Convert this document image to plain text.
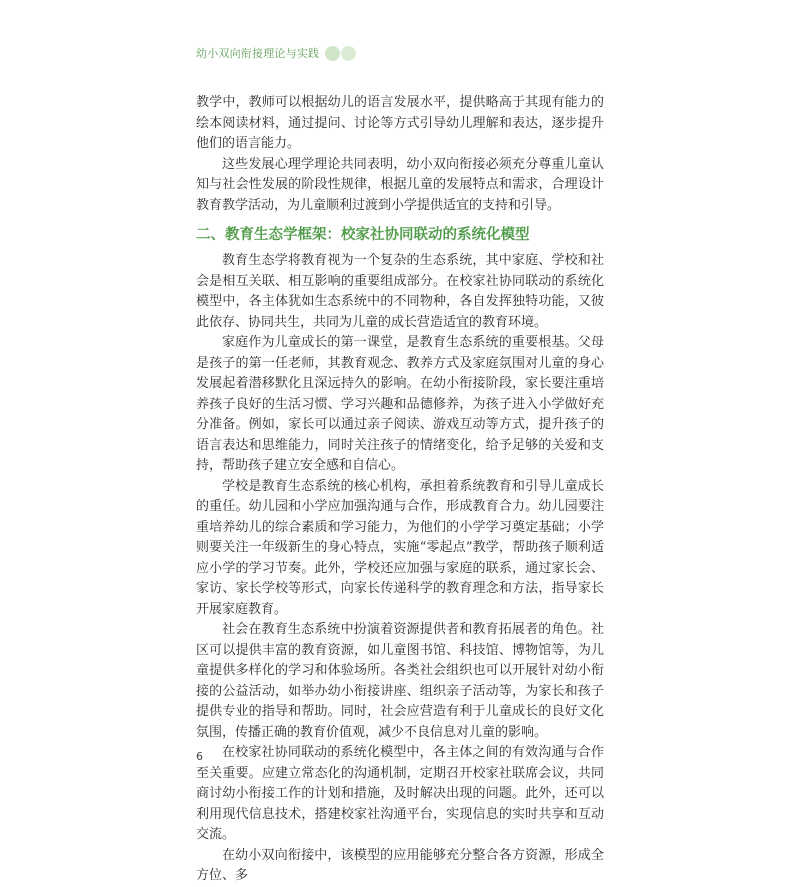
幼小双向衔接理论与实践

教学中，教师可以根据幼儿的语言发展水平，提供略高于其现有能力的绘本阅读材料，通过提问、讨论等方式引导幼儿理解和表达，逐步提升他们的语言能力。

这些发展心理学理论共同表明，幼小双向衔接必须充分尊重儿童认知与社会性发展的阶段性规律，根据儿童的发展特点和需求，合理设计教育教学活动，为儿童顺利过渡到小学提供适宜的支持和引导。

二、教育生态学框架：校家社协同联动的系统化模型

教育生态学将教育视为一个复杂的生态系统，其中家庭、学校和社会是相互关联、相互影响的重要组成部分。在校家社协同联动的系统化模型中，各主体犹如生态系统中的不同物种，各自发挥独特功能，又彼此依存、协同共生，共同为儿童的成长营造适宜的教育环境。

家庭作为儿童成长的第一课堂，是教育生态系统的重要根基。父母是孩子的第一任老师，其教育观念、教养方式及家庭氛围对儿童的身心发展起着潜移默化且深远持久的影响。在幼小衔接阶段，家长要注重培养孩子良好的生活习惯、学习兴趣和品德修养，为孩子进入小学做好充分准备。例如，家长可以通过亲子阅读、游戏互动等方式，提升孩子的语言表达和思维能力，同时关注孩子的情绪变化，给予足够的关爱和支持，帮助孩子建立安全感和自信心。

学校是教育生态系统的核心机构，承担着系统教育和引导儿童成长的重任。幼儿园和小学应加强沟通与合作，形成教育合力。幼儿园要注重培养幼儿的综合素质和学习能力，为他们的小学学习奠定基础；小学则要关注一年级新生的身心特点，实施“零起点”教学，帮助孩子顺利适应小学的学习节奏。此外，学校还应加强与家庭的联系，通过家长会、家访、家长学校等形式，向家长传递科学的教育理念和方法，指导家长开展家庭教育。

社会在教育生态系统中扮演着资源提供者和教育拓展者的角色。社区可以提供丰富的教育资源，如儿童图书馆、科技馆、博物馆等，为儿童提供多样化的学习和体验场所。各类社会组织也可以开展针对幼小衔接的公益活动，如举办幼小衔接讲座、组织亲子活动等，为家长和孩子提供专业的指导和帮助。同时，社会应营造有利于儿童成长的良好文化氛围，传播正确的教育价值观，减少不良信息对儿童的影响。

在校家社协同联动的系统化模型中，各主体之间的有效沟通与合作至关重要。应建立常态化的沟通机制，定期召开校家社联席会议，共同商讨幼小衔接工作的计划和措施，及时解决出现的问题。此外，还可以利用现代信息技术，搭建校家社沟通平台，实现信息的实时共享和互动交流。

在幼小双向衔接中，该模型的应用能够充分整合各方资源，形成全方位、多

6
